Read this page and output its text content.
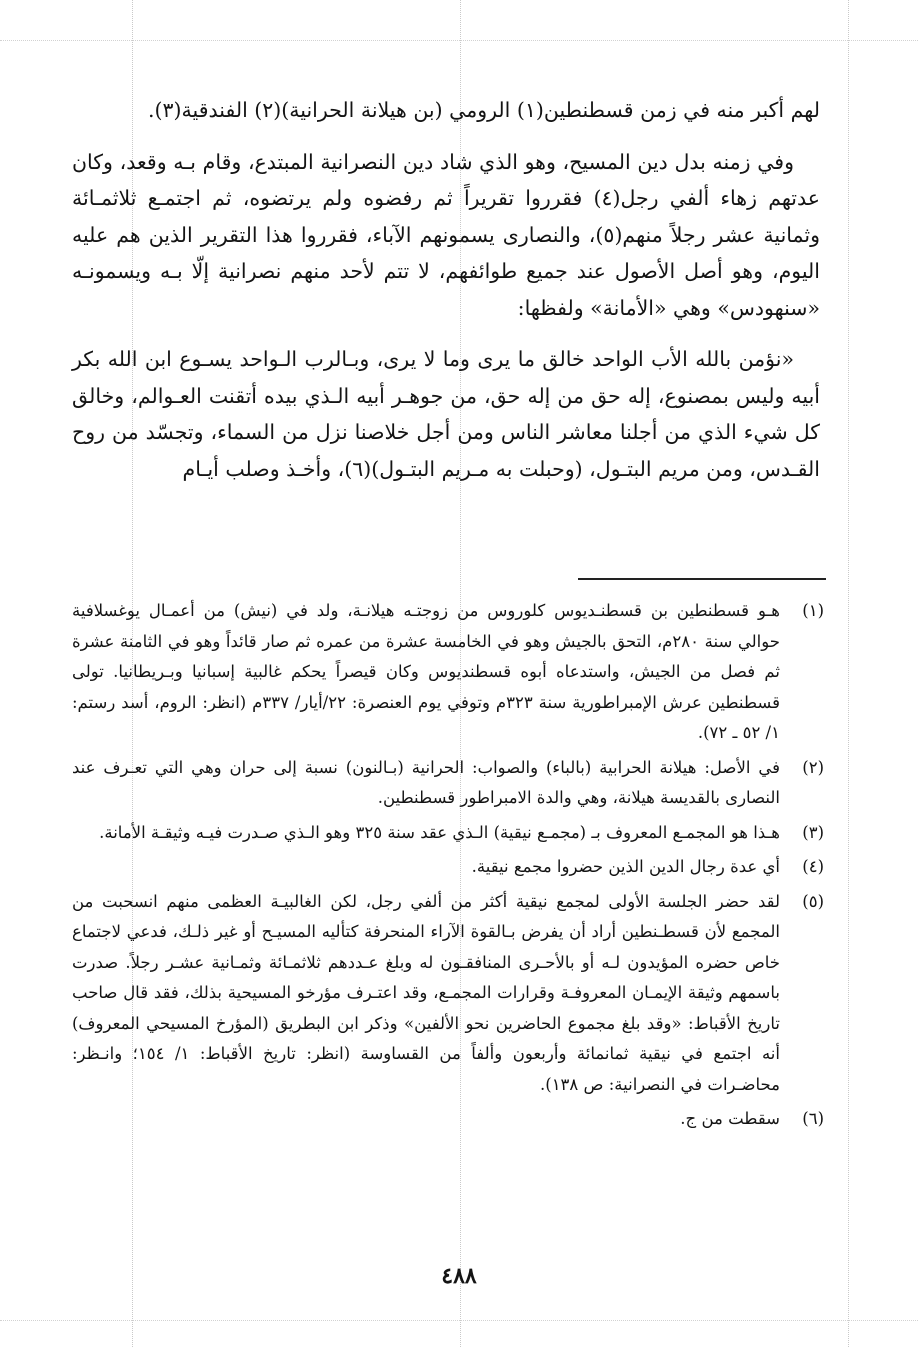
لهم أكبر منه في زمن قسطنطين(١) الرومي (بن هيلانة الحرانية)(٢) الفندقية(٣).

وفي زمنه بدل دين المسيح، وهو الذي شاد دين النصرانية المبتدع، وقام بـه وقعد، وكان عدتهم زهاء ألفي رجل(٤) فقرروا تقريراً ثم رفضوه ولم يرتضوه، ثم اجتمـع ثلاثمـائة وثمانية عشر رجلاً منهم(٥)، والنصارى يسمونهم الآباء، فقرروا هذا التقرير الذين هم عليه اليوم، وهو أصل الأصول عند جميع طوائفهم، لا تتم لأحد منهم نصرانية إلّا بـه ويسمونـه «سنهودس» وهي «الأمانة» ولفظها:

«نؤمن بالله الأب الواحد خالق ما يرى وما لا يرى، وبـالرب الـواحد يسـوع ابن الله بكر أبيه وليس بمصنوع، إله حق من إله حق، من جوهـر أبيه الـذي بيده أتقنت العـوالم، وخالق كل شيء الذي من أجلنا معاشر الناس ومن أجل خلاصنا نزل من السماء، وتجسّد من روح القـدس، ومن مريم البتـول، (وحبلت به مـريم البتـول)(٦)، وأخـذ وصلب أيـام

(١)
هـو قسطنطين بن قسطنـديوس كلوروس من زوجتـه هيلانـة، ولد في (نيش) من أعمـال يوغسلافية حوالي سنة ٢٨٠م، التحق بالجيش وهو في الخامسة عشرة من عمره ثم صار قائداً وهو في الثامنة عشرة ثم فصل من الجيش، واستدعاه أبوه قسطنديوس وكان قيصراً يحكم غالبية إسبانيا وبـريطانيا. تولى قسطنطين عرش الإمبراطورية سنة ٣٢٣م وتوفي يوم العنصرة: ٢٢/أيار/ ٣٣٧م (انظر: الروم، أسد رستم: ١/ ٥٢ ـ ٧٢).
(٢)
في الأصل: هيلانة الحرابية (بالباء) والصواب: الحرانية (بـالنون) نسبة إلى حران وهي التي تعـرف عند النصارى بالقديسة هيلانة، وهي والدة الامبراطور قسطنطين.
(٣)
هـذا هو المجمـع المعروف بـ (مجمـع نيقية) الـذي عقد سنة ٣٢٥ وهو الـذي صـدرت فيـه وثيقـة الأمانة.
(٤)
أي عدة رجال الدين الذين حضروا مجمع نيقية.
(٥)
لقد حضر الجلسة الأولى لمجمع نيقية أكثر من ألفي رجل، لكن الغالبيـة العظمى منهم انسحبت من المجمع لأن قسطـنطين أراد أن يفرض بـالقوة الآراء المنحرفة كتأليه المسيـح أو غير ذلـك، فدعي لاجتماع خاص حضره المؤيدون لـه أو بالأحـرى المنافقـون له وبلغ عـددهم ثلاثمـائة وثمـانية عشـر رجلاً. صدرت باسمهم وثيقة الإيمـان المعروفـة وقرارات المجمـع، وقد اعتـرف مؤرخو المسيحية بذلك، فقد قال صاحب تاريخ الأقباط: «وقد بلغ مجموع الحاضرين نحو الألفين» وذكر ابن البطريق (المؤرخ المسيحي المعروف) أنه اجتمع في نيقية ثمانمائة وأربعون وألفاً من القساوسة (انظر: تاريخ الأقباط: ١/ ١٥٤؛ وانـظر: محاضـرات في النصرانية: ص ١٣٨).
(٦)
سقطت من ج.
٤٨٨
